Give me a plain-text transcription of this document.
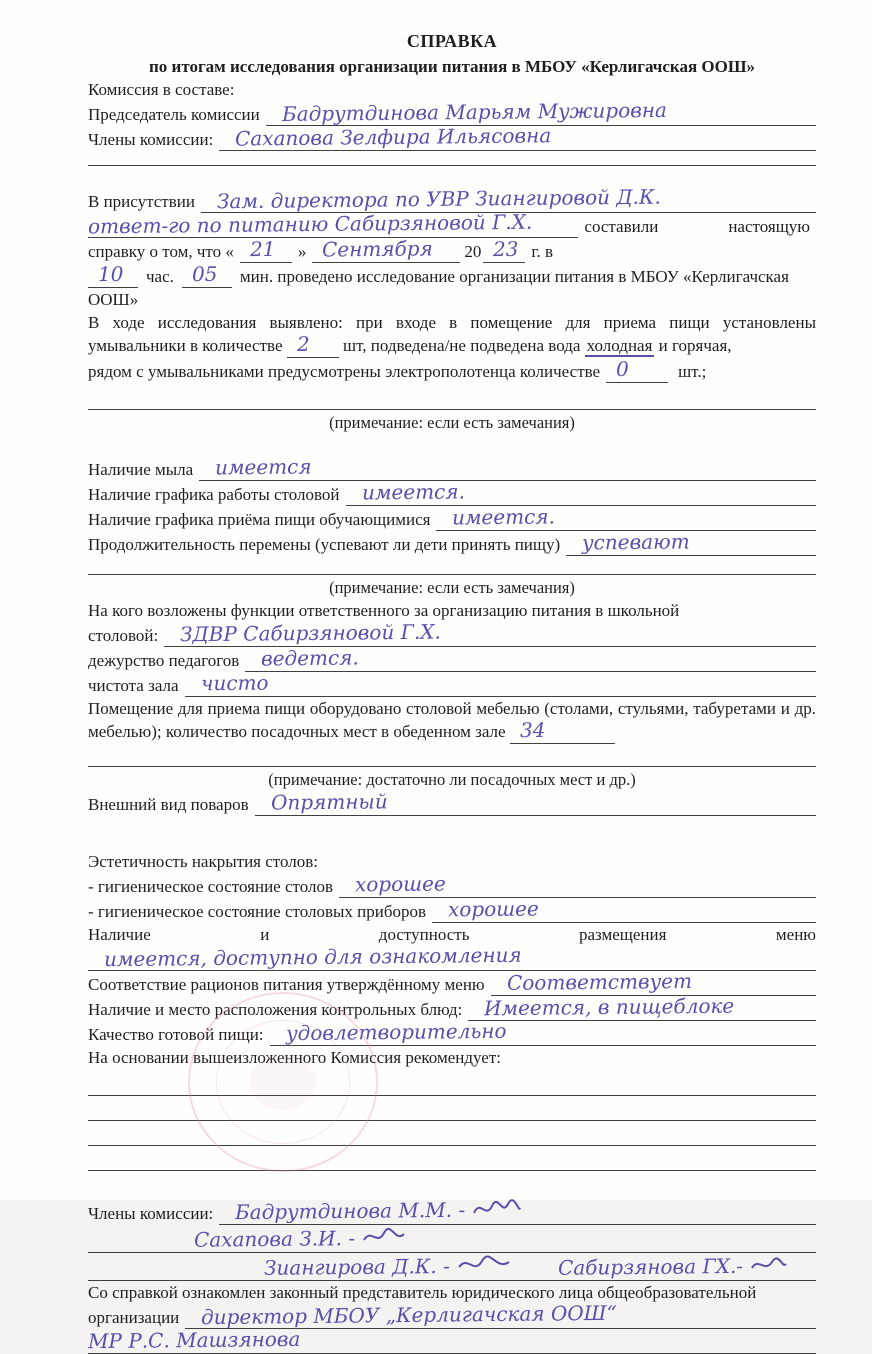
СПРАВКА
по итогам исследования организации питания в МБОУ «Керлигачская ООШ»
Комиссия в составе:
Председатель комиссии	Бадрутдинова Марьям Мужировна
Члены комиссии:	Сахапова Зелфира Ильясовна
В присутствии	Зам. директора по УВР Зиангировой Д.К.
ответ-го по питанию Сабирзяновой Г.Х.	составили	настоящую
справку о том, что « 21	» Сентября	20 23 г. в
10	час. 05	мин. проведено исследование организации питания в МБОУ «Керлигачская
ООШ»
В ходе исследования выявлено: при входе в помещение для приема пищи установлены умывальники в количестве 2 шт, подведена/не подведена вода холодная и горячая,
рядом с умывальниками предусмотрены электрополотенца количестве 0	шт.;
(примечание: если есть замечания)
Наличие мыла	имеется
Наличие графика работы столовой	имеется.
Наличие графика приёма пищи обучающимися	имеется.
Продолжительность перемены (успевают ли дети принять пищу)	успевают
(примечание: если есть замечания)
На кого возложены функции ответственного за организацию питания в школьной
столовой:	ЗДВР Сабирзяновой Г.Х.
дежурство педагогов	ведется.
чистота зала	чисто
Помещение для приема пищи оборудовано столовой мебелью (столами, стульями, табуретами и др. мебелью); количество посадочных мест в обеденном зале 34
(примечание: достаточно ли посадочных мест и др.)
Внешний вид поваров	Опрятный
Эстетичность накрытия столов:
- гигиеническое состояние столов	хорошее
- гигиеническое состояние столовых приборов	хорошее
Наличие и доступность размещения меню
имеется, доступно для ознакомления
Соответствие рационов питания утверждённому меню	Соответствует
Наличие и место расположения контрольных блюд:	Имеется, в пищеблоке
Качество готовой пищи:	удовлетворительно
На основании вышеизложенного Комиссия рекомендует:
Члены комиссии:	Бадрутдинова М.М. -
Сахапова З.И. -
Зиангирова Д.К. -	Сабирзянова ГХ.-
Со справкой ознакомлен законный представитель юридического лица общеобразовательной
организации	директор МБОУ „Керлигачская ООШ“
МР Р.С. Машзянова
